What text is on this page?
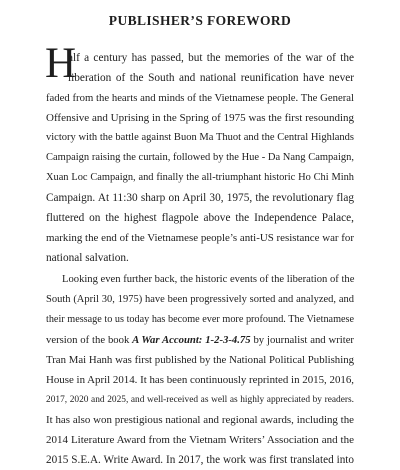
PUBLISHER’S FOREWORD
H
alf a century has passed, but the memories of the war of the
liberation of the South and national reunification have never
faded from the hearts and minds of the Vietnamese people. The General
Offensive and Uprising in the Spring of 1975 was the first resounding
victory with the battle against Buon Ma Thuot and the Central Highlands
Campaign raising the curtain, followed by the Hue - Da Nang Campaign,
Xuan Loc Campaign, and finally the all-triumphant historic Ho Chi Minh
Campaign. At 11:30 sharp on April 30, 1975, the revolutionary flag
fluttered on the highest flagpole above the Independence Palace,
marking the end of the Vietnamese people’s anti-US resistance war for
national salvation.
Looking even further back, the historic events of the liberation of the
South (April 30, 1975) have been progressively sorted and analyzed, and
their message to us today has become ever more profound. The Vietnamese
version of the book A War Account: 1-2-3-4.75 by journalist and writer
Tran Mai Hanh was first published by the National Political Publishing
House in April 2014. It has been continuously reprinted in 2015, 2016,
2017, 2020 and 2025, and well-received as well as highly appreciated by readers.
It has also won prestigious national and regional awards, including the
2014 Literature Award from the Vietnam Writers’ Association and the
2015 S.E.A. Write Award. In 2017, the work was first translated into
